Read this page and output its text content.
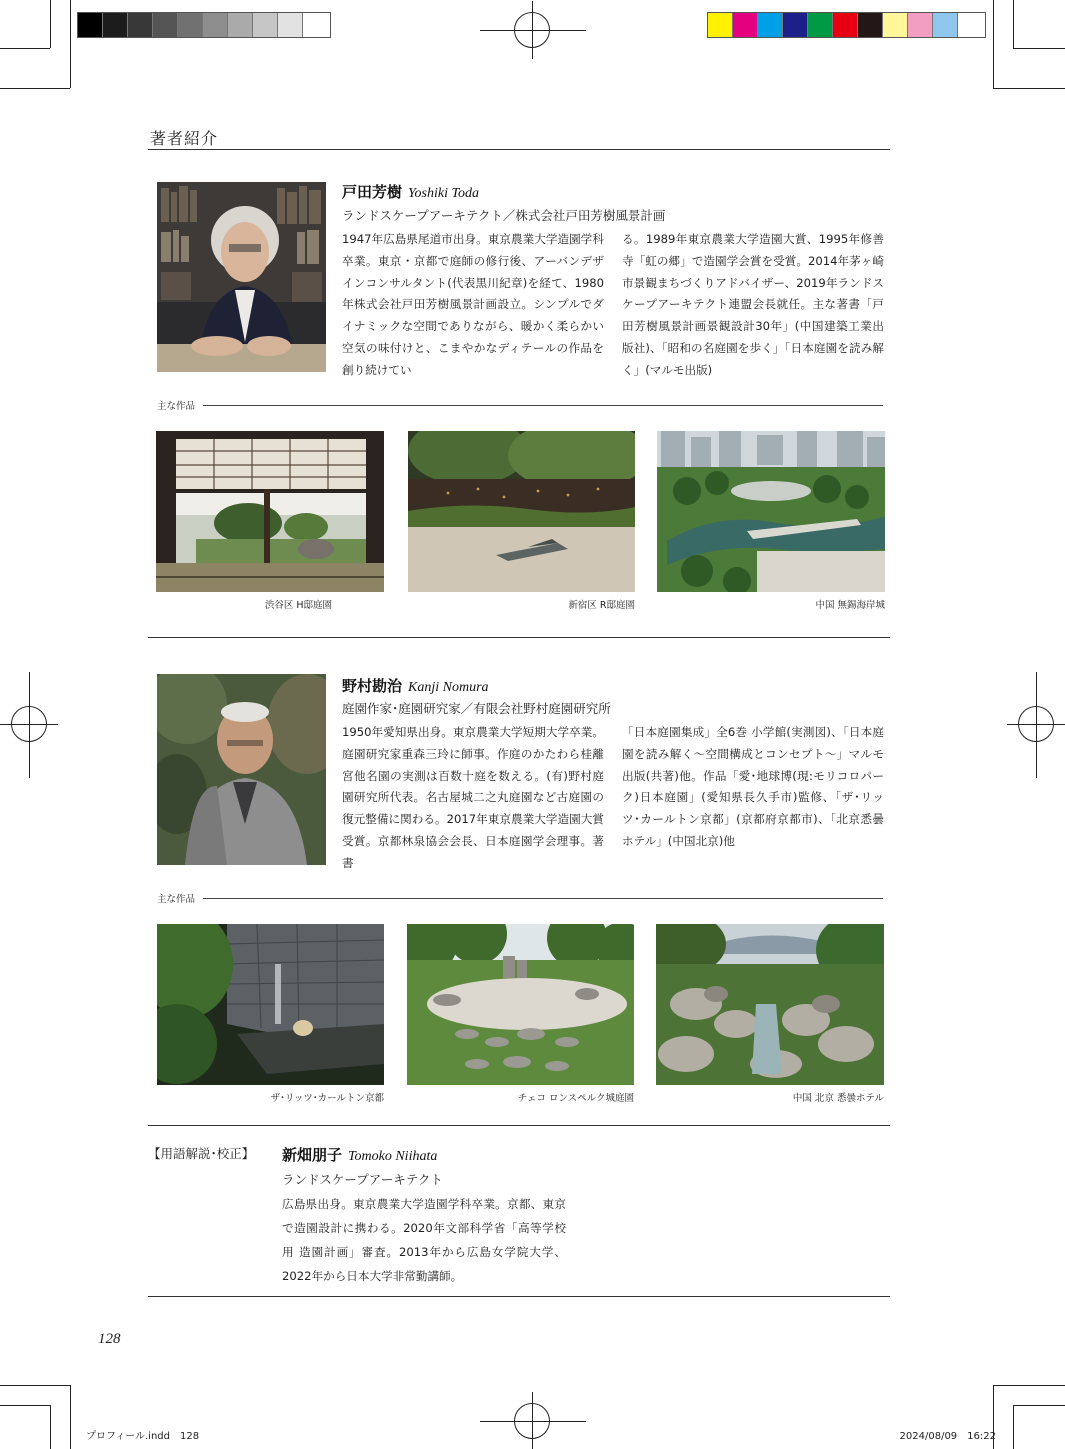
著者紹介
戸田芳樹 Yoshiki Toda
ランドスケープアーキテクト／株式会社戸田芳樹風景計画
1947年広島県尾道市出身。東京農業大学造園学科卒業。東京・京都で庭師の修行後、アーバンデザインコンサルタント(代表黒川紀章)を経て、1980年株式会社戸田芳樹風景計画設立。シンプルでダイナミックな空間でありながら、暖かく柔らかい空気の味付けと、こまやかなディテールの作品を創り続けてい
る。1989年東京農業大学造園大賞、1995年修善寺「虹の郷」で造園学会賞を受賞。2014年茅ヶ崎市景観まちづくりアドバイザー、2019年ランドスケープアーキテクト連盟会長就任。主な著書「戸田芳樹風景計画景観設計30年」(中国建築工業出版社)、「昭和の名庭園を歩く」「日本庭園を読み解く」(マルモ出版)
主な作品
渋谷区 H邸庭園	新宿区 R邸庭園	中国 無錫海岸城
野村勘治 Kanji Nomura
庭園作家･庭園研究家／有限会社野村庭園研究所
1950年愛知県出身。東京農業大学短期大学卒業。庭園研究家重森三玲に師事。作庭のかたわら桂離宮他名園の実測は百数十庭を数える。(有)野村庭園研究所代表。名古屋城二之丸庭園など古庭園の復元整備に関わる。2017年東京農業大学造園大賞受賞。京都林泉協会会長、日本庭園学会理事。著書
「日本庭園集成」全6巻 小学館(実測図)、「日本庭園を読み解く～空間構成とコンセプト～」マルモ出版(共著)他。作品「愛･地球博(現:モリコロパーク)日本庭園」(愛知県長久手市)監修、「ザ･リッツ･カールトン京都」(京都府京都市)、「北京悉曇ホテル」(中国北京)他
主な作品
ザ･リッツ･カールトン京都	チェコ ロンスペルク城庭園	中国 北京 悉曇ホテル
【用語解説･校正】 新畑朋子 Tomoko Niihata
ランドスケープアーキテクト
広島県出身。東京農業大学造園学科卒業。京都、東京で造園設計に携わる。2020年文部科学省「高等学校用 造園計画」審査。2013年から広島女学院大学、2022年から日本大学非常勤講師。
128
プロフィール.indd　128	2024/08/09　16:22
